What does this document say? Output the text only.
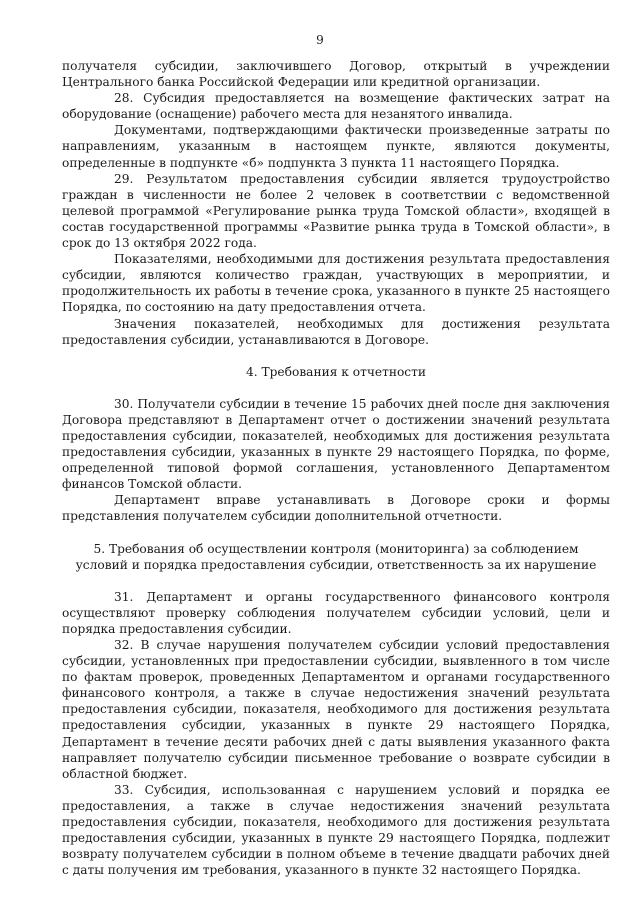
9

получателя субсидии, заключившего Договор, открытый в учреждении Центрального банка Российской Федерации или кредитной организации.

28. Субсидия предоставляется на возмещение фактических затрат на оборудование (оснащение) рабочего места для незанятого инвалида.

Документами, подтверждающими фактически произведенные затраты по направлениям, указанным в настоящем пункте, являются документы, определенные в подпункте «б» подпункта 3 пункта 11 настоящего Порядка.

29. Результатом предоставления субсидии является трудоустройство граждан в численности не более 2 человек в соответствии с ведомственной целевой программой «Регулирование рынка труда Томской области», входящей в состав государственной программы «Развитие рынка труда в Томской области», в срок до 13 октября 2022 года.

Показателями, необходимыми для достижения результата предоставления субсидии, являются количество граждан, участвующих в мероприятии, и продолжительность их работы в течение срока, указанного в пункте 25 настоящего Порядка, по состоянию на дату предоставления отчета.

Значения показателей, необходимых для достижения результата предоставления субсидии, устанавливаются в Договоре.

4. Требования к отчетности

30. Получатели субсидии в течение 15 рабочих дней после дня заключения Договора представляют в Департамент отчет о достижении значений результата предоставления субсидии, показателей, необходимых для достижения результата предоставления субсидии, указанных в пункте 29 настоящего Порядка, по форме, определенной типовой формой соглашения, установленного Департаментом финансов Томской области.

Департамент вправе устанавливать в Договоре сроки и формы представления получателем субсидии дополнительной отчетности.

5. Требования об осуществлении контроля (мониторинга) за соблюдением
условий и порядка предоставления субсидии, ответственность за их нарушение

31. Департамент и органы государственного финансового контроля осуществляют проверку соблюдения получателем субсидии условий, цели и порядка предоставления субсидии.

32. В случае нарушения получателем субсидии условий предоставления субсидии, установленных при предоставлении субсидии, выявленного в том числе по фактам проверок, проведенных Департаментом и органами государственного финансового контроля, а также в случае недостижения значений результата предоставления субсидии, показателя, необходимого для достижения результата предоставления субсидии, указанных в пункте 29 настоящего Порядка, Департамент в течение десяти рабочих дней с даты выявления указанного факта направляет получателю субсидии письменное требование о возврате субсидии в областной бюджет.

33. Субсидия, использованная с нарушением условий и порядка ее предоставления, а также в случае недостижения значений результата предоставления субсидии, показателя, необходимого для достижения результата предоставления субсидии, указанных в пункте 29 настоящего Порядка, подлежит возврату получателем субсидии в полном объеме в течение двадцати рабочих дней с даты получения им требования, указанного в пункте 32 настоящего Порядка.
